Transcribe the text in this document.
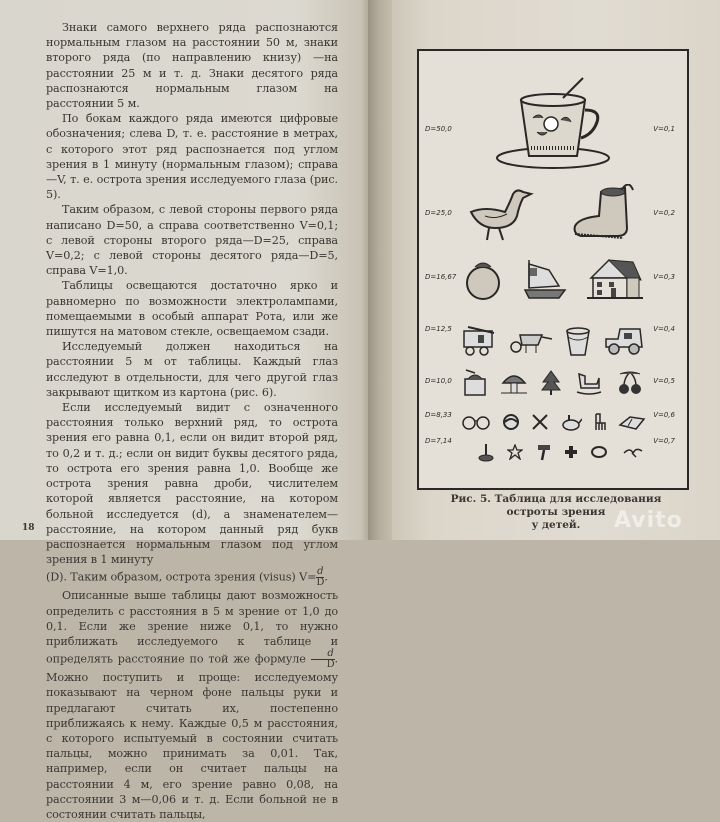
Знаки самого верхнего ряда распознаются нормальным глазом на расстоянии 50 м, знаки второго ряда (по направлению книзу) —на расстоянии 25 м и т. д. Знаки десятого ряда распознаются нормальным глазом на расстоянии 5 м.

По бокам каждого ряда имеются цифровые обозначения; слева D, т. е. расстояние в метрах, с которого этот ряд распознается под углом зрения в 1 минуту (нормальным глазом); справа—V, т. е. острота зрения исследуемого глаза (рис. 5).

Таким образом, с левой стороны первого ряда написано D=50, а справа соответственно V=0,1; с левой стороны второго ряда—D=25, справа V=0,2; с левой стороны десятого ряда—D=5, справа V=1,0.

Таблицы освещаются достаточно ярко и равномерно по возможности электролампами, помещаемыми в особый аппарат Рота, или же пишутся на матовом стекле, освещаемом сзади.

Исследуемый должен находиться на расстоянии 5 м от таблицы. Каждый глаз исследуют в отдельности, для чего другой глаз закрывают щитком из картона (рис. 6).

Если исследуемый видит с означенного расстояния только верхний ряд, то острота зрения его равна 0,1, если он видит второй ряд, то 0,2 и т. д.; если он видит буквы десятого ряда, то острота его зрения равна 1,0. Вообще же острота зрения равна дроби, числителем которой является расстояние, на котором больной исследуется (d), а знаменателем—расстояние, на котором данный ряд букв распознается нормальным глазом под углом зрения в 1 минуту

(D). Таким образом, острота зрения (visus) $V= \frac{d}{D}$ .

Описанные выше таблицы дают возможность определить с расстояния в 5 м зрение от 1,0 до 0,1. Если же зрение ниже 0,1, то нужно приближать исследуемого к таблице и определять расстояние по той же формуле $\frac{d}{D}$ . Можно поступить и проще: исследуемому показывают на черном фоне пальцы руки и предлагают считать их, постепенно приближаясь к нему. Каждые 0,5 м расстояния, с которого испытуемый в состоянии считать пальцы, можно принимать за 0,01. Так, например, если он считает пальцы на расстоянии 4 м, его зрение равно 0,08, на расстоянии 3 м—0,06 и т. д. Если больной не в состоянии считать пальцы,

18
D=50,0	V=0,1
D=25,0	V=0,2
D=16,67	V=0,3
D=12,5	V=0,4
D=10,0	V=0,5
D=8,33	V=0,6
D=7,14	V=0,7
Рис. 5. Таблица для исследования остроты зрения
у детей.	Avito
